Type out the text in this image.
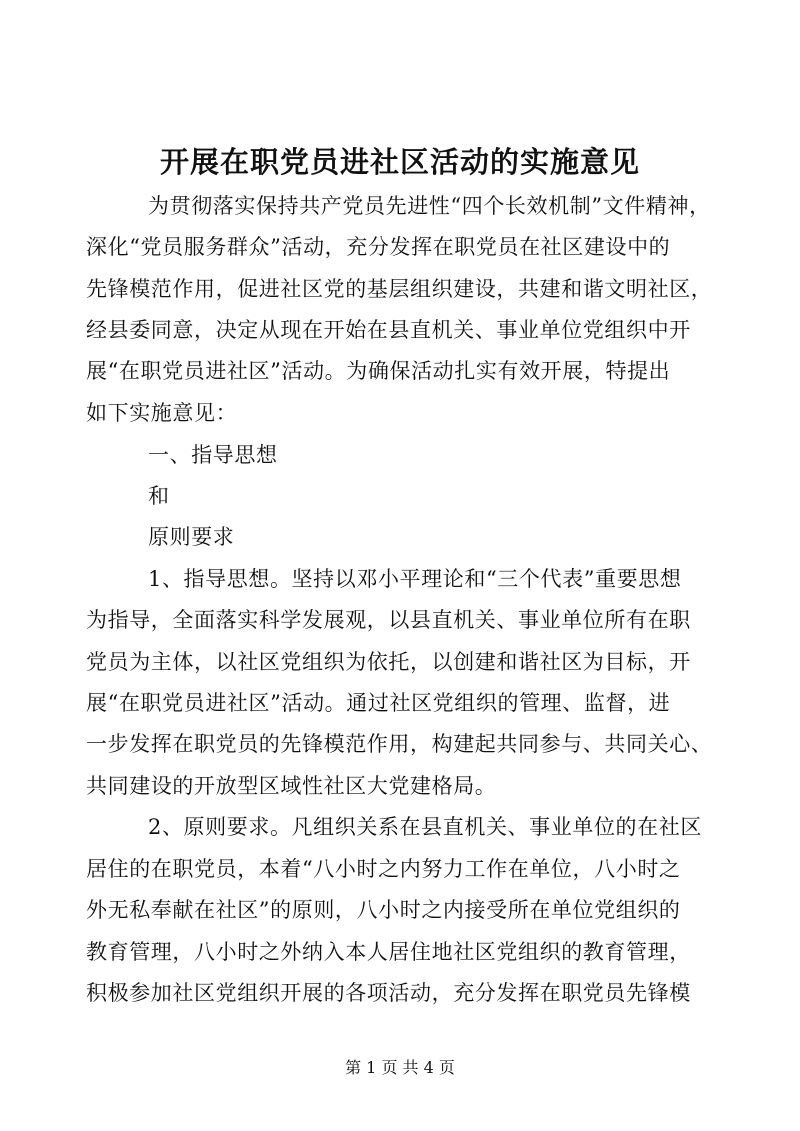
开展在职党员进社区活动的实施意见
为贯彻落实保持共产党员先进性“四个长效机制”文件精神，
深化“党员服务群众”活动，充分发挥在职党员在社区建设中的
先锋模范作用，促进社区党的基层组织建设，共建和谐文明社区，
经县委同意，决定从现在开始在县直机关、事业单位党组织中开
展“在职党员进社区”活动。为确保活动扎实有效开展，特提出
如下实施意见：
一、指导思想
和
原则要求
1、指导思想。坚持以邓小平理论和“三个代表”重要思想
为指导，全面落实科学发展观，以县直机关、事业单位所有在职
党员为主体，以社区党组织为依托，以创建和谐社区为目标，开
展“在职党员进社区”活动。通过社区党组织的管理、监督，进
一步发挥在职党员的先锋模范作用，构建起共同参与、共同关心、
共同建设的开放型区域性社区大党建格局。
2、原则要求。凡组织关系在县直机关、事业单位的在社区
居住的在职党员，本着“八小时之内努力工作在单位，八小时之
外无私奉献在社区”的原则，八小时之内接受所在单位党组织的
教育管理，八小时之外纳入本人居住地社区党组织的教育管理，
积极参加社区党组织开展的各项活动，充分发挥在职党员先锋模
第 1 页 共 4 页
